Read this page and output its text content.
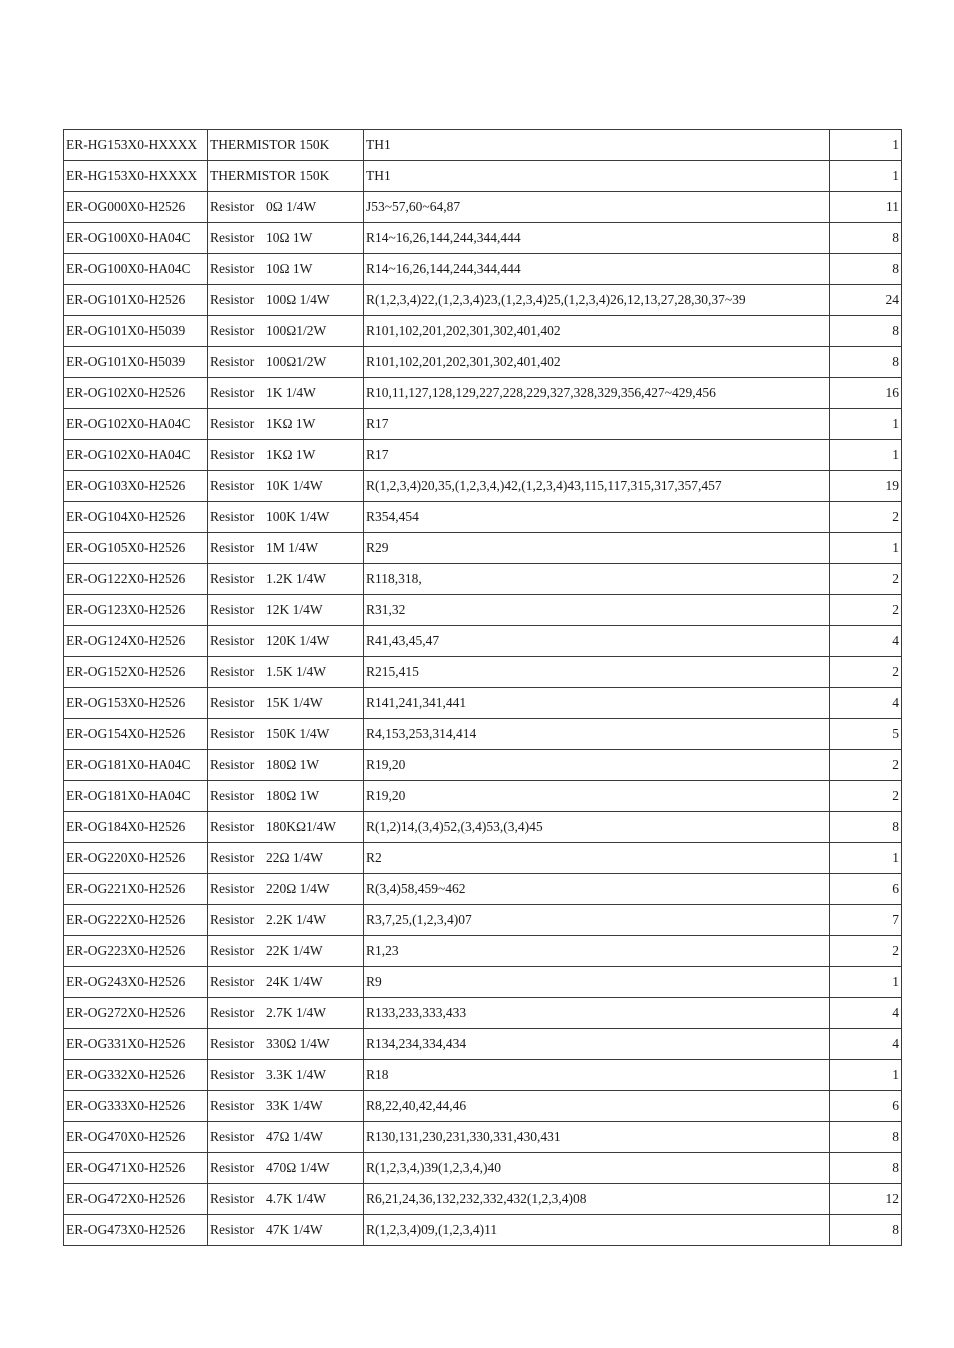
ER-HG153X0-HXXXX	THERMISTOR 150K	TH1	1
ER-HG153X0-HXXXX	THERMISTOR 150K	TH1	1
ER-OG000X0-H2526	Resistor 0Ω 1/4W	J53~57,60~64,87	11
ER-OG100X0-HA04C	Resistor 10Ω 1W	R14~16,26,144,244,344,444	8
ER-OG100X0-HA04C	Resistor 10Ω 1W	R14~16,26,144,244,344,444	8
ER-OG101X0-H2526	Resistor 100Ω 1/4W	R(1,2,3,4)22,(1,2,3,4)23,(1,2,3,4)25,(1,2,3,4)26,12,13,27,28,30,37~39	24
ER-OG101X0-H5039	Resistor 100Ω1/2W	R101,102,201,202,301,302,401,402	8
ER-OG101X0-H5039	Resistor 100Ω1/2W	R101,102,201,202,301,302,401,402	8
ER-OG102X0-H2526	Resistor 1K 1/4W	R10,11,127,128,129,227,228,229,327,328,329,356,427~429,456	16
ER-OG102X0-HA04C	Resistor 1KΩ 1W	R17	1
ER-OG102X0-HA04C	Resistor 1KΩ 1W	R17	1
ER-OG103X0-H2526	Resistor 10K 1/4W	R(1,2,3,4)20,35,(1,2,3,4,)42,(1,2,3,4)43,115,117,315,317,357,457	19
ER-OG104X0-H2526	Resistor 100K 1/4W	R354,454	2
ER-OG105X0-H2526	Resistor 1M 1/4W	R29	1
ER-OG122X0-H2526	Resistor 1.2K 1/4W	R118,318,	2
ER-OG123X0-H2526	Resistor 12K 1/4W	R31,32	2
ER-OG124X0-H2526	Resistor 120K 1/4W	R41,43,45,47	4
ER-OG152X0-H2526	Resistor 1.5K 1/4W	R215,415	2
ER-OG153X0-H2526	Resistor 15K 1/4W	R141,241,341,441	4
ER-OG154X0-H2526	Resistor 150K 1/4W	R4,153,253,314,414	5
ER-OG181X0-HA04C	Resistor 180Ω 1W	R19,20	2
ER-OG181X0-HA04C	Resistor 180Ω 1W	R19,20	2
ER-OG184X0-H2526	Resistor 180KΩ1/4W	R(1,2)14,(3,4)52,(3,4)53,(3,4)45	8
ER-OG220X0-H2526	Resistor 22Ω 1/4W	R2	1
ER-OG221X0-H2526	Resistor 220Ω 1/4W	R(3,4)58,459~462	6
ER-OG222X0-H2526	Resistor 2.2K 1/4W	R3,7,25,(1,2,3,4)07	7
ER-OG223X0-H2526	Resistor 22K 1/4W	R1,23	2
ER-OG243X0-H2526	Resistor 24K 1/4W	R9	1
ER-OG272X0-H2526	Resistor 2.7K 1/4W	R133,233,333,433	4
ER-OG331X0-H2526	Resistor 330Ω 1/4W	R134,234,334,434	4
ER-OG332X0-H2526	Resistor 3.3K 1/4W	R18	1
ER-OG333X0-H2526	Resistor 33K 1/4W	R8,22,40,42,44,46	6
ER-OG470X0-H2526	Resistor 47Ω 1/4W	R130,131,230,231,330,331,430,431	8
ER-OG471X0-H2526	Resistor 470Ω 1/4W	R(1,2,3,4,)39(1,2,3,4,)40	8
ER-OG472X0-H2526	Resistor 4.7K 1/4W	R6,21,24,36,132,232,332,432(1,2,3,4)08	12
ER-OG473X0-H2526	Resistor 47K 1/4W	R(1,2,3,4)09,(1,2,3,4)11	8
